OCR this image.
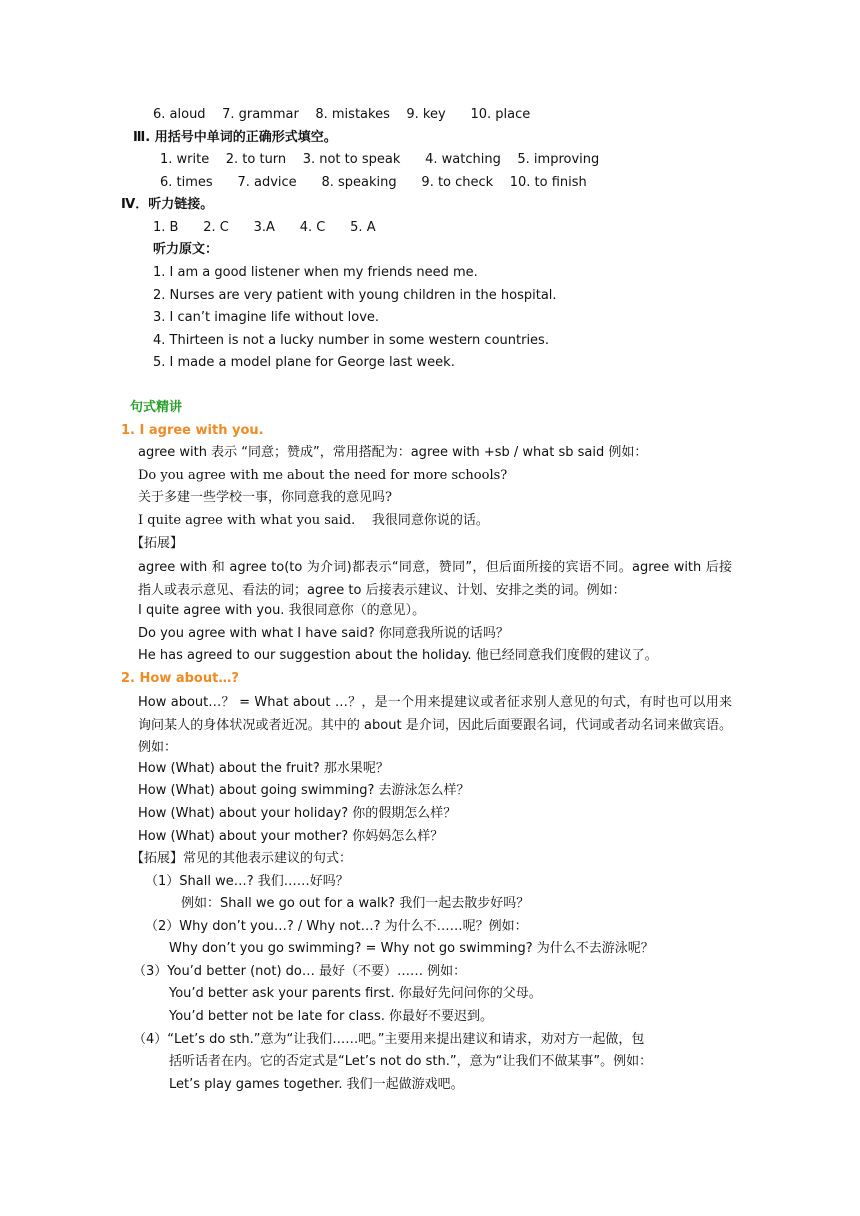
6. aloud    7. grammar    8. mistakes    9. key      10. place
Ⅲ. 用括号中单词的正确形式填空。
1. write    2. to turn    3. not to speak      4. watching    5. improving
6. times      7. advice      8. speaking      9. to check    10. to finish
Ⅳ．听力链接。
1. B      2. C      3.A      4. C      5. A
听力原文：
1. I am a good listener when my friends need me.
2. Nurses are very patient with young children in the hospital.
3. I can’t imagine life without love.
4. Thirteen is not a lucky number in some western countries.
5. I made a model plane for George last week.
句式精讲
1. I agree with you.
agree with 表示 “同意；赞成”，常用搭配为：agree with +sb / what sb said 例如：
Do you agree with me about the need for more schools?
关于多建一些学校一事，你同意我的意见吗?
I quite agree with what you said.    我很同意你说的话。
【拓展】
agree with 和 agree to(to 为介词)都表示“同意，赞同”，但后面所接的宾语不同。agree with 后接指人或表示意见、看法的词；agree to 后接表示建议、计划、安排之类的词。例如：
I quite agree with you. 我很同意你（的意见）。
Do you agree with what I have said? 你同意我所说的话吗？
He has agreed to our suggestion about the holiday. 他已经同意我们度假的建议了。
2. How about…?
How about…？ = What about …？，是一个用来提建议或者征求别人意见的句式，有时也可以用来询问某人的身体状况或者近况。其中的 about 是介词，因此后面要跟名词，代词或者动名词来做宾语。例如：
How (What) about the fruit? 那水果呢？
How (What) about going swimming? 去游泳怎么样？
How (What) about your holiday? 你的假期怎么样？
How (What) about your mother? 你妈妈怎么样？
【拓展】常见的其他表示建议的句式：
（1）Shall we…? 我们……好吗？
例如：Shall we go out for a walk? 我们一起去散步好吗？
（2）Why don’t you…? / Why not…? 为什么不……呢？例如：
Why don’t you go swimming? = Why not go swimming? 为什么不去游泳呢？
（3）You’d better (not) do… 最好（不要）…… 例如：
You’d better ask your parents first. 你最好先问问你的父母。
You’d better not be late for class. 你最好不要迟到。
（4）“Let’s do sth.”意为“让我们……吧。”主要用来提出建议和请求，劝对方一起做，包
括听话者在内。它的否定式是“Let’s not do sth.”，意为“让我们不做某事”。例如：
Let’s play games together. 我们一起做游戏吧。
